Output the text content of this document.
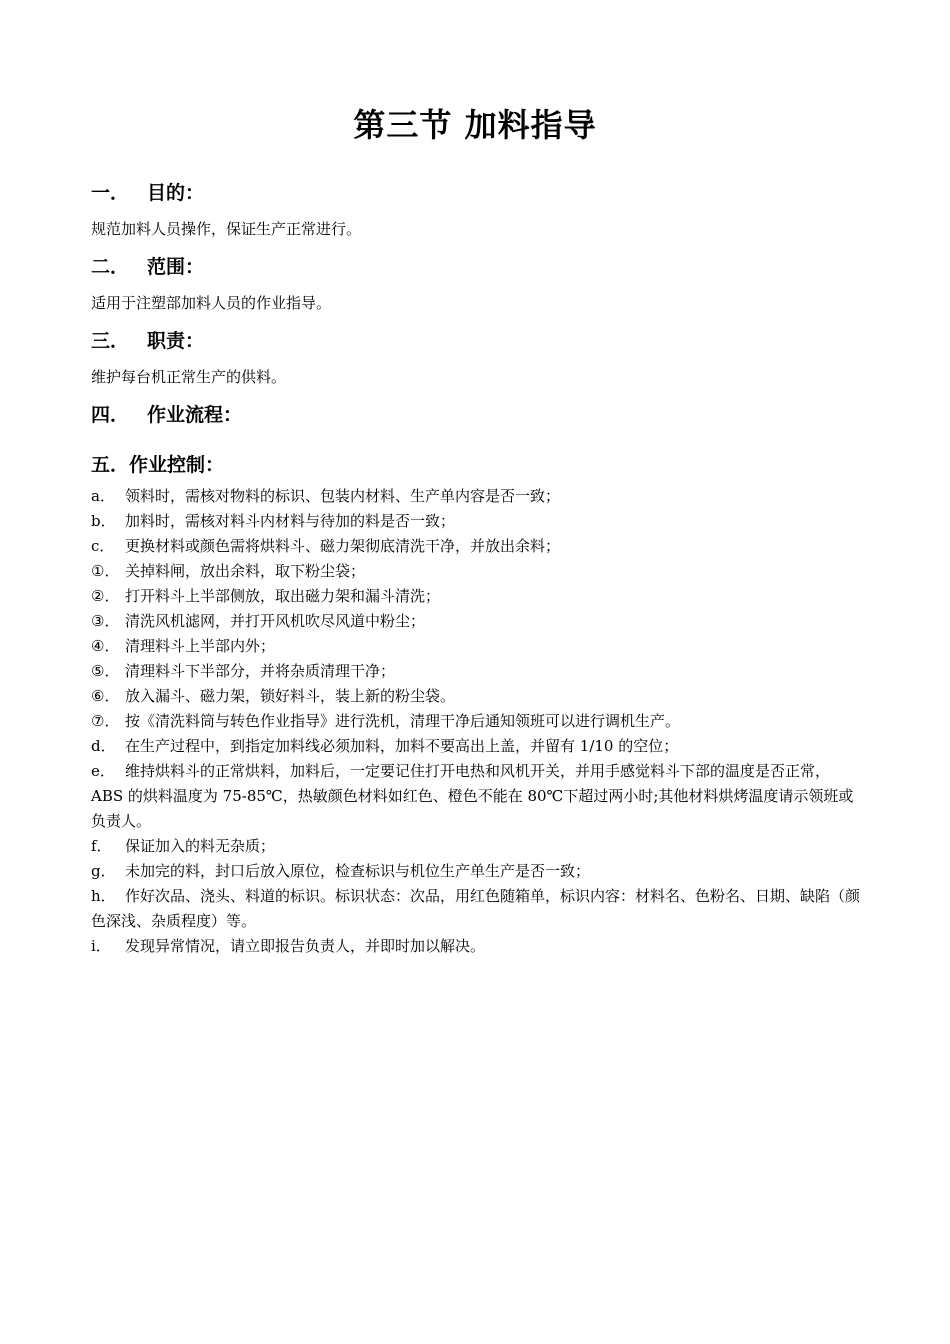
第三节 加料指导
一． 目的：

规范加料人员操作，保证生产正常进行。

二． 范围：

适用于注塑部加料人员的作业指导。

三． 职责：

维护每台机正常生产的供料。

四． 作业流程：
五．作业控制：

a． 领料时，需核对物料的标识、包装内材料、生产单内容是否一致；

b． 加料时，需核对料斗内材料与待加的料是否一致；

c． 更换材料或颜色需将烘料斗、磁力架彻底清洗干净，并放出余料；

①． 关掉料闸，放出余料，取下粉尘袋；

②． 打开料斗上半部侧放，取出磁力架和漏斗清洗；

③． 清洗风机滤网，并打开风机吹尽风道中粉尘；

④． 清理料斗上半部内外；

⑤． 清理料斗下半部分，并将杂质清理干净；

⑥． 放入漏斗、磁力架，锁好料斗，装上新的粉尘袋。

⑦． 按《清洗料筒与转色作业指导》进行洗机，清理干净后通知领班可以进行调机生产。

d． 在生产过程中，到指定加料线必须加料，加料不要高出上盖，并留有 1/10 的空位；

e． 维持烘料斗的正常烘料，加料后，一定要记住打开电热和风机开关，并用手感觉料斗下部的温度是否正常，ABS 的烘料温度为 75-85℃，热敏颜色材料如红色、橙色不能在 80℃下超过两小时;其他材料烘烤温度请示领班或负责人。

f． 保证加入的料无杂质；

g． 未加完的料，封口后放入原位，检查标识与机位生产单生产是否一致；

h． 作好次品、浇头、料道的标识。标识状态：次品，用红色随箱单，标识内容：材料名、色粉名、日期、缺陷（颜色深浅、杂质程度）等。

i． 发现异常情况，请立即报告负责人，并即时加以解决。
